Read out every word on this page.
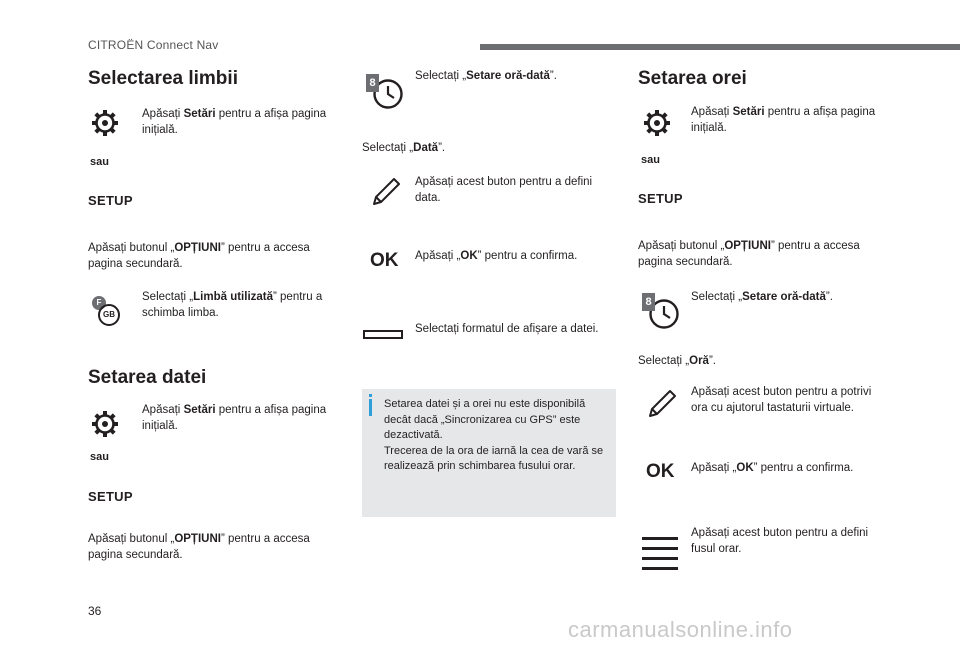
CITROËN Connect Nav
Selectarea limbii
Apăsați Setări pentru a afișa pagina inițială.
sau
SETUP
Apăsați butonul „OPȚIUNI” pentru a accesa pagina secundară.
F
GB
Selectați „Limbă utilizată” pentru a schimba limba.
Setarea datei
Apăsați Setări pentru a afișa pagina inițială.
sau
SETUP
Apăsați butonul „OPȚIUNI” pentru a accesa pagina secundară.
8
Selectați „Setare oră-dată”.
Selectați „Dată”.
Apăsați acest buton pentru a defini data.
OK Apăsați „OK” pentru a confirma.
Selectați formatul de afișare a datei.
Setarea datei și a orei nu este disponibilă decât dacă „Sincronizarea cu GPS” este dezactivată.
Trecerea de la ora de iarnă la cea de vară se realizează prin schimbarea fusului orar.
Setarea orei
Apăsați Setări pentru a afișa pagina inițială.
sau
SETUP
Apăsați butonul „OPȚIUNI” pentru a accesa pagina secundară.
8	Selectați „Setare oră-dată”.
Selectați „Oră”.
Apăsați acest buton pentru a potrivi ora cu ajutorul tastaturii virtuale.
OK Apăsați „OK” pentru a confirma.
Apăsați acest buton pentru a defini fusul orar.
36
carmanualsonline.info
